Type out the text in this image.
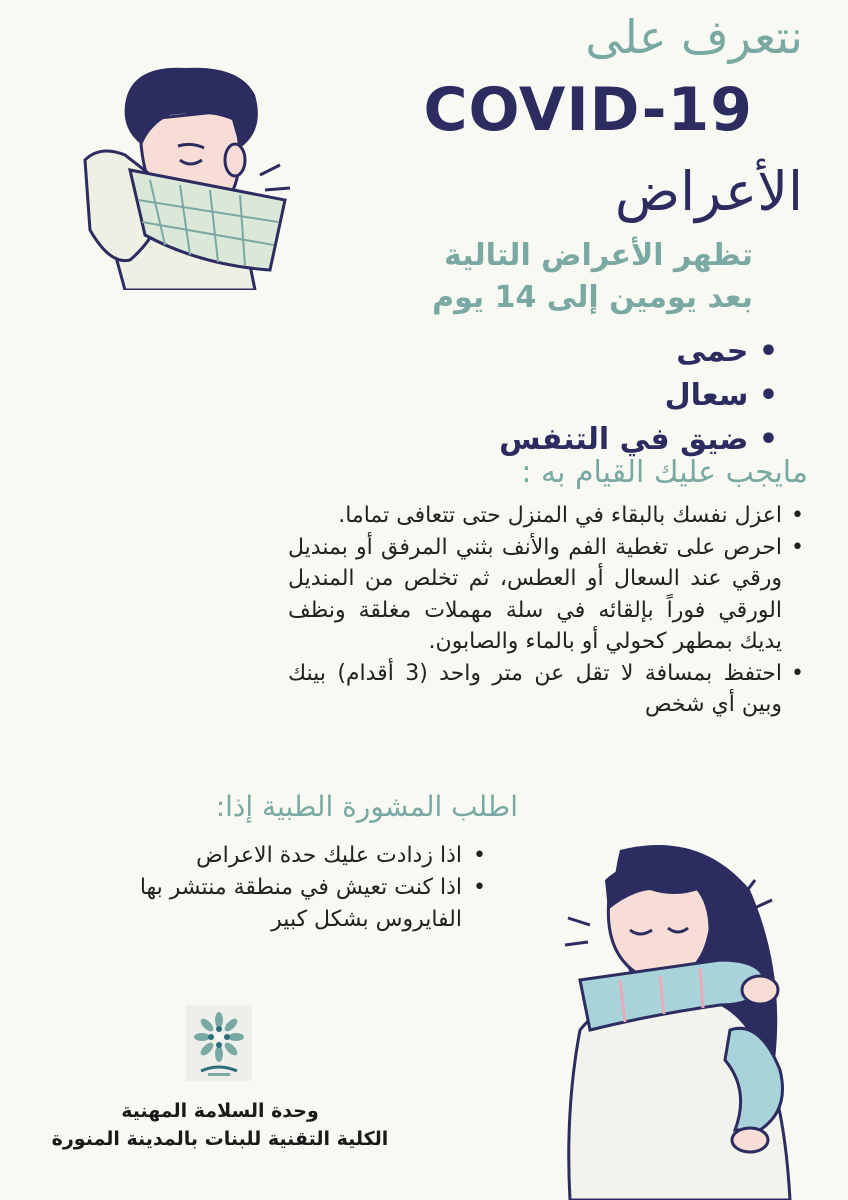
نتعرف على
COVID-19
الأعراض
تظهر الأعراض التالية
بعد يومين إلى 14 يوم
• حمى
• سعال
• ضيق في التنفس
مايجب عليك القيام به :
• اعزل نفسك بالبقاء في المنزل حتى تتعافى تماما.
• احرص على تغطية الفم والأنف بثني المرفق أو بمنديل ورقي عند السعال أو العطس، ثم تخلص من المنديل الورقي فوراً بإلقائه في سلة مهملات مغلقة ونظف يديك بمطهر كحولي أو بالماء والصابون.
• احتفظ بمسافة لا تقل عن متر واحد (3 أقدام) بينك وبين أي شخص
اطلب المشورة الطبية إذا:
• اذا زدادت عليك حدة الاعراض
• اذا كنت تعيش في منطقة منتشر بها الفايروس بشكل كبير
وحدة السلامة المهنية
الكلية التقنية للبنات بالمدينة المنورة
